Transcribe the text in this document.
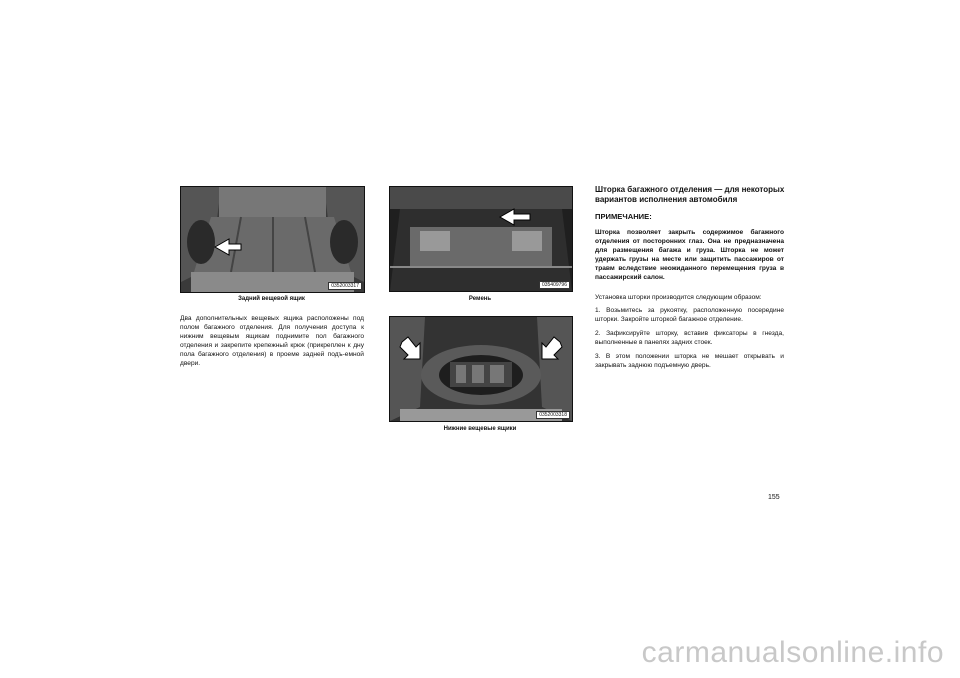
0352003317
Задний вещевой ящик

Два дополнительных вещевых ящика расположены под полом багажного отделения. Для получения доступа к нижним вещевым ящикам поднимите пол багажного отделения и закрепите крепежный крюк (прикреплен к дну пола багажного отделения) в проеме задней подъ-емной двери.

035409796
Ремень
0352003318
Нижние вещевые ящики
Шторка багажного отделения — для некоторых вариантов исполнения автомобиля

ПРИМЕЧАНИЕ:

Шторка позволяет закрыть содержимое багажного отделения от посторонних глаз. Она не предназначена для размещения багажа и груза. Шторка не может удержать грузы на месте или защитить пассажиров от травм вследствие неожиданного перемещения груза в пассажирский салон.

Установка шторки производится следующим образом:

1. Возьмитесь за рукоятку, расположенную посередине шторки. Закройте шторкой багажное отделение.

2. Зафиксируйте шторку, вставив фиксаторы в гнезда, выполненные в панелях задних стоек.

3. В этом положении шторка не мешает открывать и закрывать заднюю подъемную дверь.

155
carmanualsonline.info
